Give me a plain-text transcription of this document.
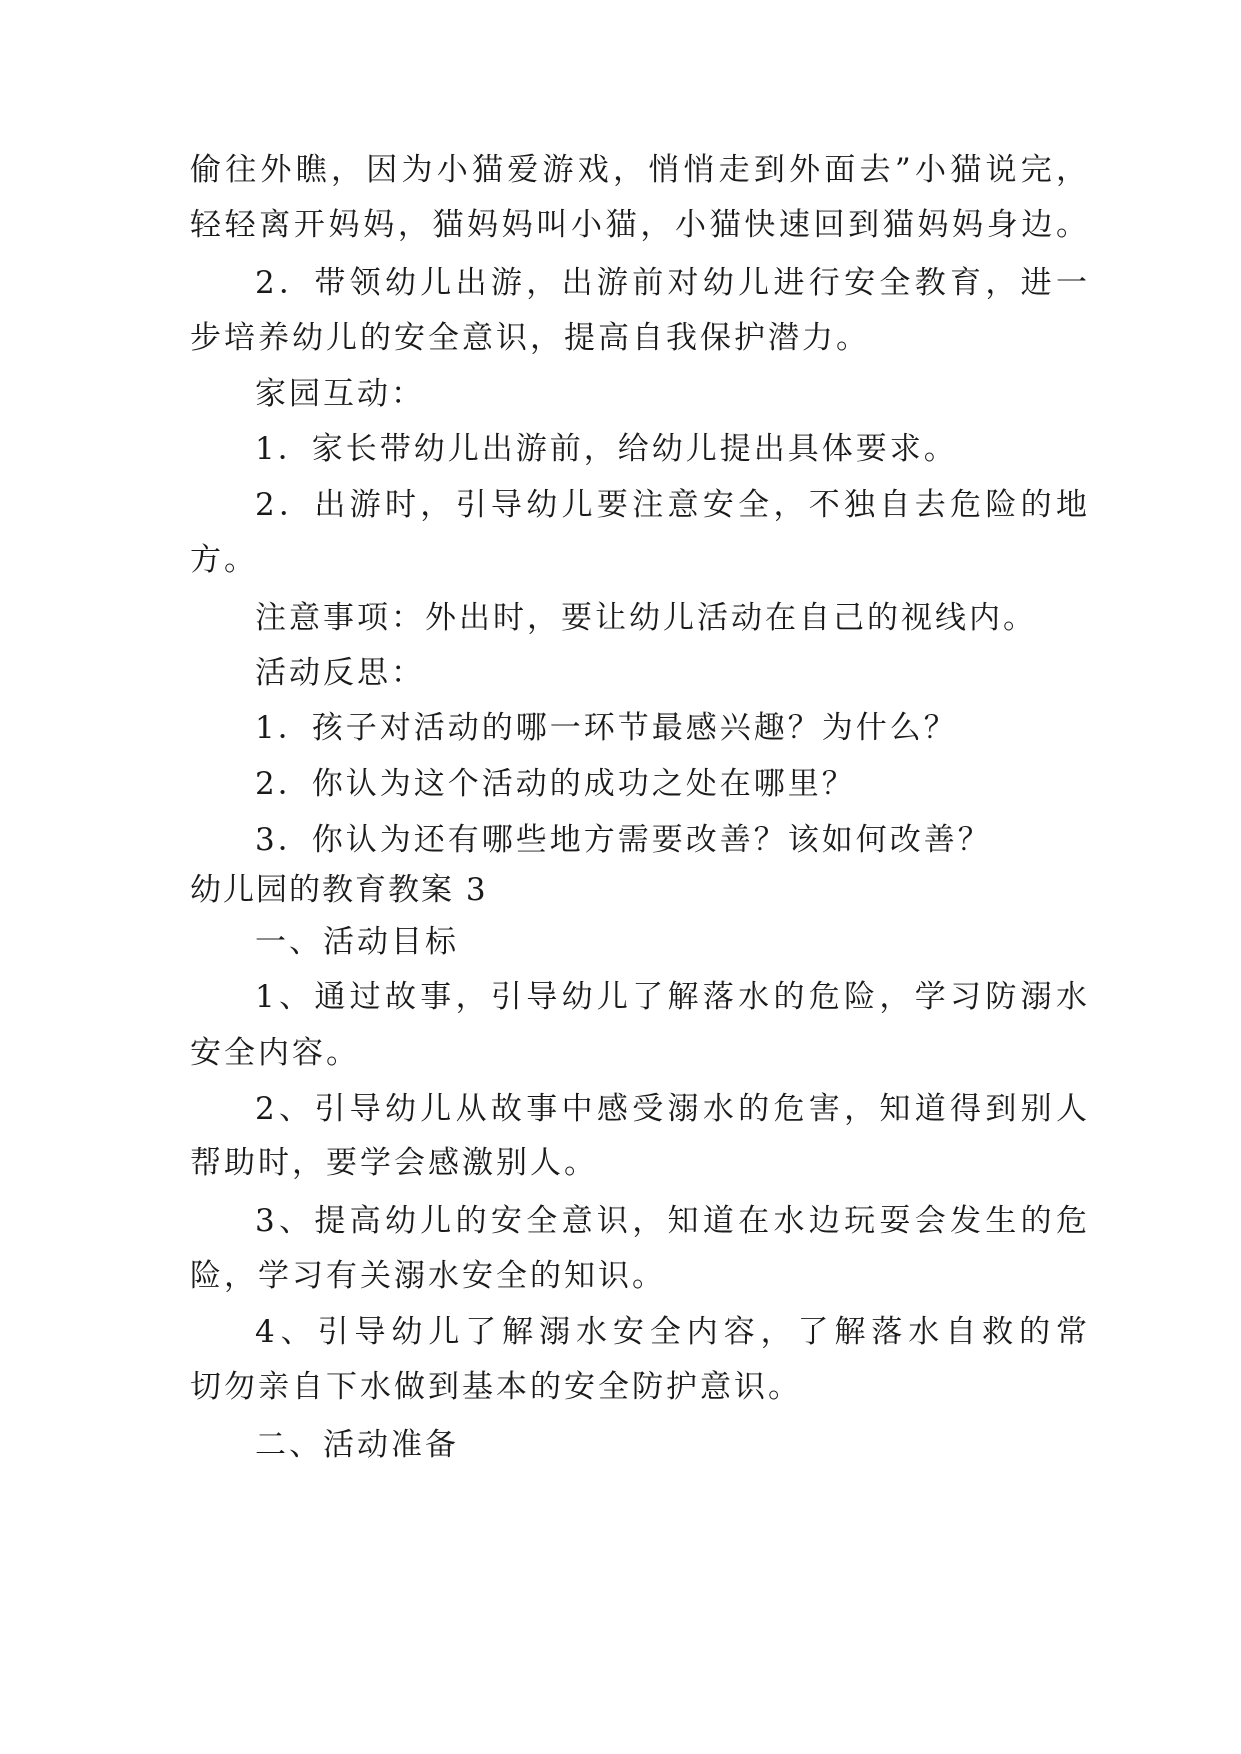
偷往外瞧，因为小猫爱游戏，悄悄走到外面去”小猫说完，
轻轻离开妈妈，猫妈妈叫小猫，小猫快速回到猫妈妈身边。
2．带领幼儿出游，出游前对幼儿进行安全教育，进一
步培养幼儿的安全意识，提高自我保护潜力。
家园互动：
1．家长带幼儿出游前，给幼儿提出具体要求。
2．出游时，引导幼儿要注意安全，不独自去危险的地
方。
注意事项：外出时，要让幼儿活动在自己的视线内。
活动反思：
1．孩子对活动的哪一环节最感兴趣？为什么？
2．你认为这个活动的成功之处在哪里？
3．你认为还有哪些地方需要改善？该如何改善？
幼儿园的教育教案 3
一、活动目标
1、通过故事，引导幼儿了解落水的危险，学习防溺水
安全内容。
2、引导幼儿从故事中感受溺水的危害，知道得到别人
帮助时，要学会感激别人。
3、提高幼儿的安全意识，知道在水边玩耍会发生的危
险，学习有关溺水安全的知识。
4、引导幼儿了解溺水安全内容，了解落水自救的常
切勿亲自下水做到基本的安全防护意识。
二、活动准备
